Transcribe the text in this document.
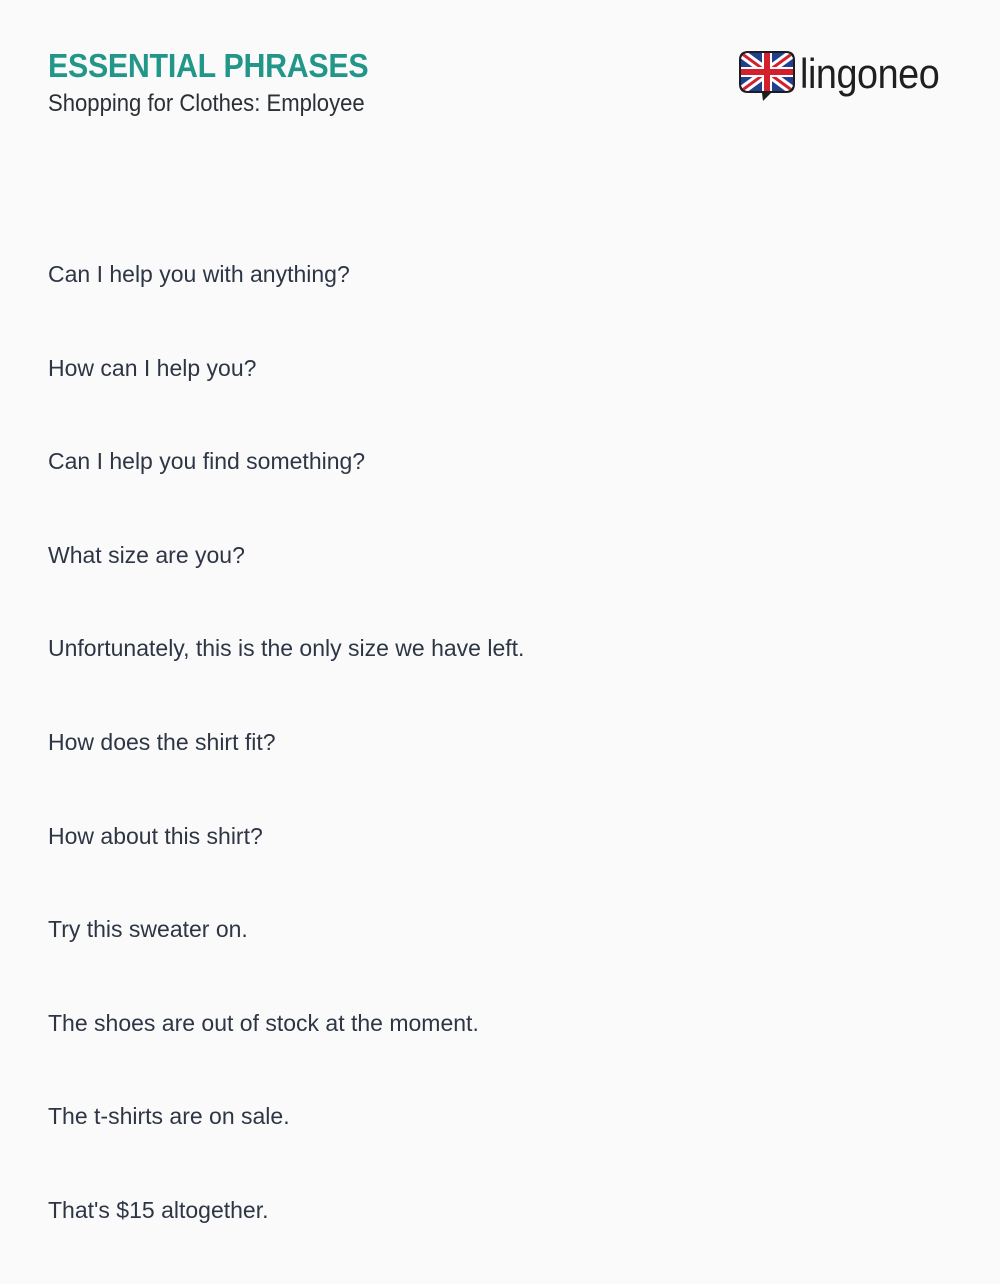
ESSENTIAL PHRASES
Shopping for Clothes: Employee
lingoneo
Can I help you with anything?
How can I help you?
Can I help you find something?
What size are you?
Unfortunately, this is the only size we have left.
How does the shirt fit?
How about this shirt?
Try this sweater on.
The shoes are out of stock at the moment.
The t-shirts are on sale.
That's $15 altogether.
